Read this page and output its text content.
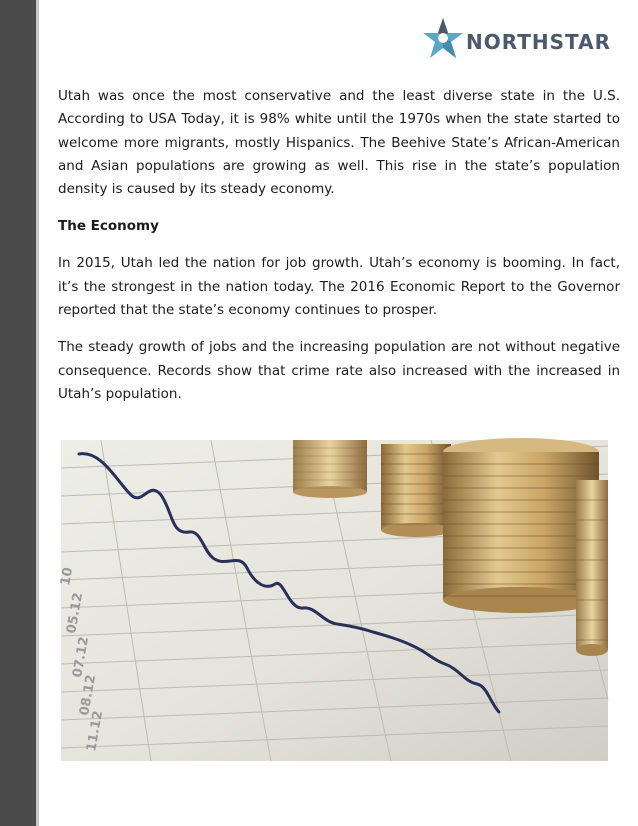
NORTHSTAR

Utah was once the most conservative and the least diverse state in the U.S. According to USA Today, it is 98% white until the 1970s when the state started to welcome more migrants, mostly Hispanics. The Beehive State’s African-American and Asian populations are growing as well. This rise in the state’s population density is caused by its steady economy.

The Economy

In 2015, Utah led the nation for job growth. Utah’s economy is booming. In fact, it’s the strongest in the nation today. The 2016 Economic Report to the Governor reported that the state’s economy continues to prosper.

The steady growth of jobs and the increasing population are not without negative consequence. Records show that crime rate also increased with the increased in Utah’s population.

10
05.12
07.12
08.12
11.12
